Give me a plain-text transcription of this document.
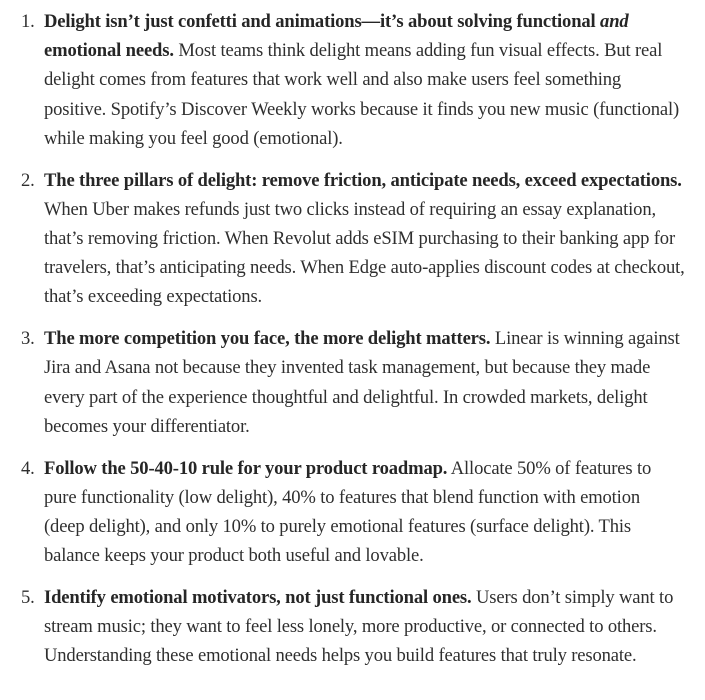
1. Delight isn’t just confetti and animations—it’s about solving functional and emotional needs. Most teams think delight means adding fun visual effects. But real delight comes from features that work well and also make users feel something positive. Spotify’s Discover Weekly works because it finds you new music (functional) while making you feel good (emotional).
2. The three pillars of delight: remove friction, anticipate needs, exceed expectations. When Uber makes refunds just two clicks instead of requiring an essay explanation, that’s removing friction. When Revolut adds eSIM purchasing to their banking app for travelers, that’s anticipating needs. When Edge auto-applies discount codes at checkout, that’s exceeding expectations.
3. The more competition you face, the more delight matters. Linear is winning against Jira and Asana not because they invented task management, but because they made every part of the experience thoughtful and delightful. In crowded markets, delight becomes your differentiator.
4. Follow the 50-40-10 rule for your product roadmap. Allocate 50% of features to pure functionality (low delight), 40% to features that blend function with emotion (deep delight), and only 10% to purely emotional features (surface delight). This balance keeps your product both useful and lovable.
5. Identify emotional motivators, not just functional ones. Users don’t simply want to stream music; they want to feel less lonely, more productive, or connected to others. Understanding these emotional needs helps you build features that truly resonate.
